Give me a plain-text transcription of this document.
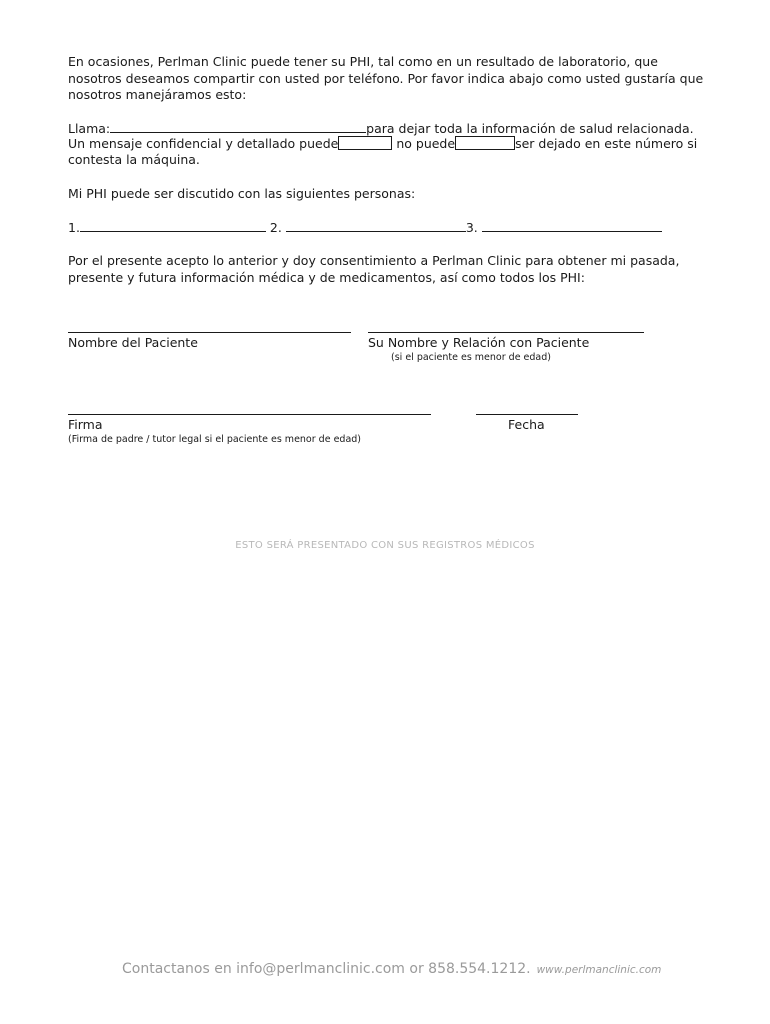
En ocasiones, Perlman Clinic puede tener su PHI, tal como en un resultado de laboratorio, que
nosotros deseamos compartir con usted por teléfono. Por favor indica abajo como usted gustaría que
nosotros manejáramos esto:
Llama:	para dejar toda la información de salud relacionada.
Un mensaje confidencial y detallado puede	no puede	ser dejado en este número si
contesta la máquina.
Mi PHI puede ser discutido con las siguientes personas:
1.	2.	3.
Por el presente acepto lo anterior y doy consentimiento a Perlman Clinic para obtener mi pasada,
presente y futura información médica y de medicamentos, así como todos los PHI:
Nombre del Paciente	Su Nombre y Relación con Paciente
(si el paciente es menor de edad)
Firma
(Firma de padre / tutor legal si el paciente es menor de edad)
Fecha
ESTO SERÁ PRESENTADO CON SUS REGISTROS MÉDICOS
Contactanos en info@perlmanclinic.com or 858.554.1212. www.perlmanclinic.com
